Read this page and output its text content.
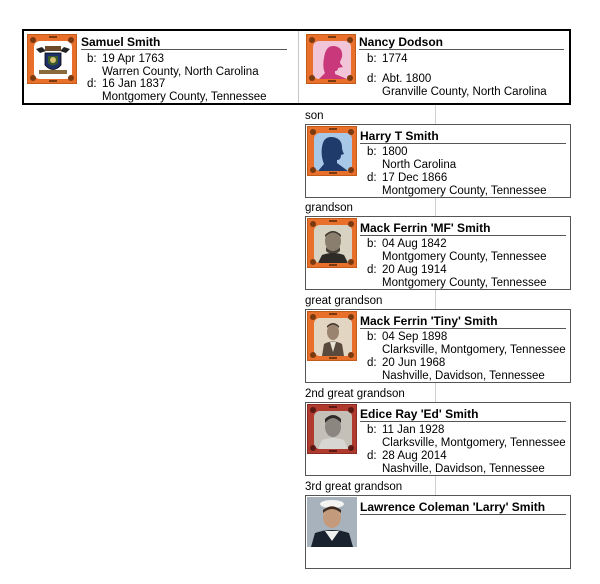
Samuel Smith
b: 19 Apr 1763
Warren County, North Carolina
d: 16 Jan 1837
Montgomery County, Tennessee
Nancy Dodson
b: 1774
d: Abt. 1800
Granville County, North Carolina
son
Harry T Smith
b: 1800
North Carolina
d: 17 Dec 1866
Montgomery County, Tennessee
grandson
Mack Ferrin 'MF' Smith
b: 04 Aug 1842
Montgomery County, Tennessee
d: 20 Aug 1914
Montgomery County, Tennessee
great grandson
Mack Ferrin 'Tiny' Smith
b: 04 Sep 1898
Clarksville, Montgomery, Tennessee
d: 20 Jun 1968
Nashville, Davidson, Tennessee
2nd great grandson
Edice Ray 'Ed' Smith
b: 11 Jan 1928
Clarksville, Montgomery, Tennessee
d: 28 Aug 2014
Nashville, Davidson, Tennessee
3rd great grandson
Lawrence Coleman 'Larry' Smith
